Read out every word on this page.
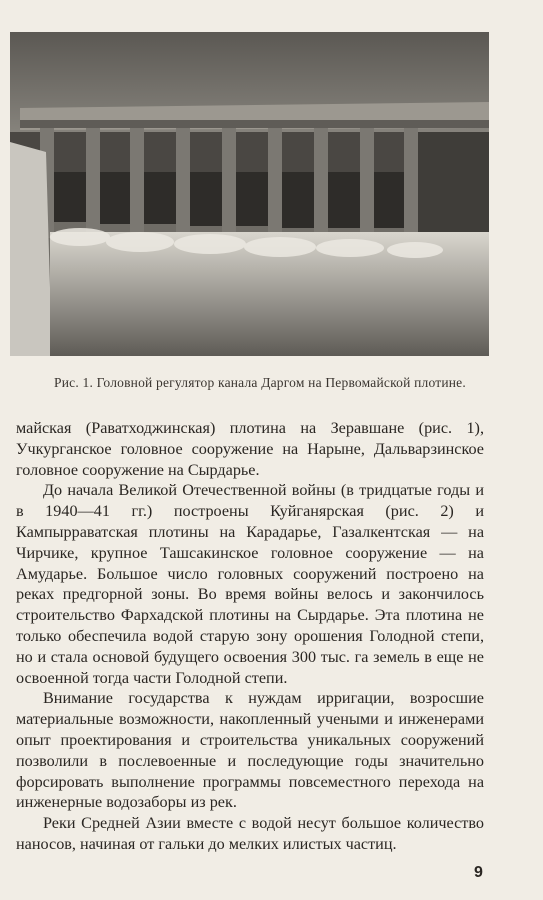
Рис. 1. Головной регулятор канала Даргом на Первомайской плотине.

майская (Раватходжинская) плотина на Зеравшане (рис. 1), Учкурганское головное сооружение на Нарыне, Дальварзинское головное сооружение на Сырдарье.

До начала Великой Отечественной войны (в тридцатые годы и в 1940—41 гг.) построены Куйганярская (рис. 2) и Кампырраватская плотины на Карадарье, Газалкентская — на Чирчике, крупное Ташсакинское головное сооружение — на Амударье. Большое число головных сооружений построено на реках предгорной зоны. Во время войны велось и закончилось строительство Фархадской плотины на Сырдарье. Эта плотина не только обеспечила водой старую зону орошения Голодной степи, но и стала основой будущего освоения 300 тыс. га земель в еще не освоенной тогда части Голодной степи.

Внимание государства к нуждам ирригации, возросшие материальные возможности, накопленный учеными и инженерами опыт проектирования и строительства уникальных сооружений позволили в послевоенные и последующие годы значительно форсировать выполнение программы повсеместного перехода на инженерные водозаборы из рек.

Реки Средней Азии вместе с водой несут большое количество наносов, начиная от гальки до мелких илистых частиц.

9
